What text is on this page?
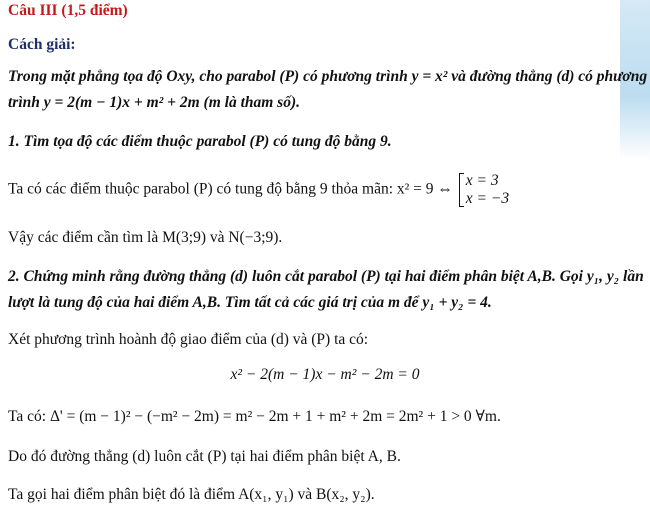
Câu III (1,5 điểm)
Cách giải:
Trong mặt phẳng tọa độ Oxy, cho parabol (P) có phương trình y = x² và đường thẳng (d) có phương
trình y = 2(m − 1)x + m² + 2m (m là tham số).
1. Tìm tọa độ các điểm thuộc parabol (P) có tung độ bằng 9.
Ta có các điểm thuộc parabol (P) có tung độ bằng 9 thỏa mãn: x² = 9 ⇔
x = 3
x = −3
Vậy các điểm cần tìm là M(3;9) và N(−3;9).
2. Chứng minh rằng đường thẳng (d) luôn cắt parabol (P) tại hai điểm phân biệt A,B. Gọi y₁, y₂ lần
lượt là tung độ của hai điểm A,B. Tìm tất cả các giá trị của m để y₁ + y₂ = 4.
Xét phương trình hoành độ giao điểm của (d) và (P) ta có:
x² − 2(m − 1)x − m² − 2m = 0
Ta có: Δ' = (m − 1)² − (−m² − 2m) = m² − 2m + 1 + m² + 2m = 2m² + 1 > 0 ∀m.
Do đó đường thẳng (d) luôn cắt (P) tại hai điểm phân biệt A, B.
Ta gọi hai điểm phân biệt đó là điểm A(x₁, y₁) và B(x₂, y₂).
